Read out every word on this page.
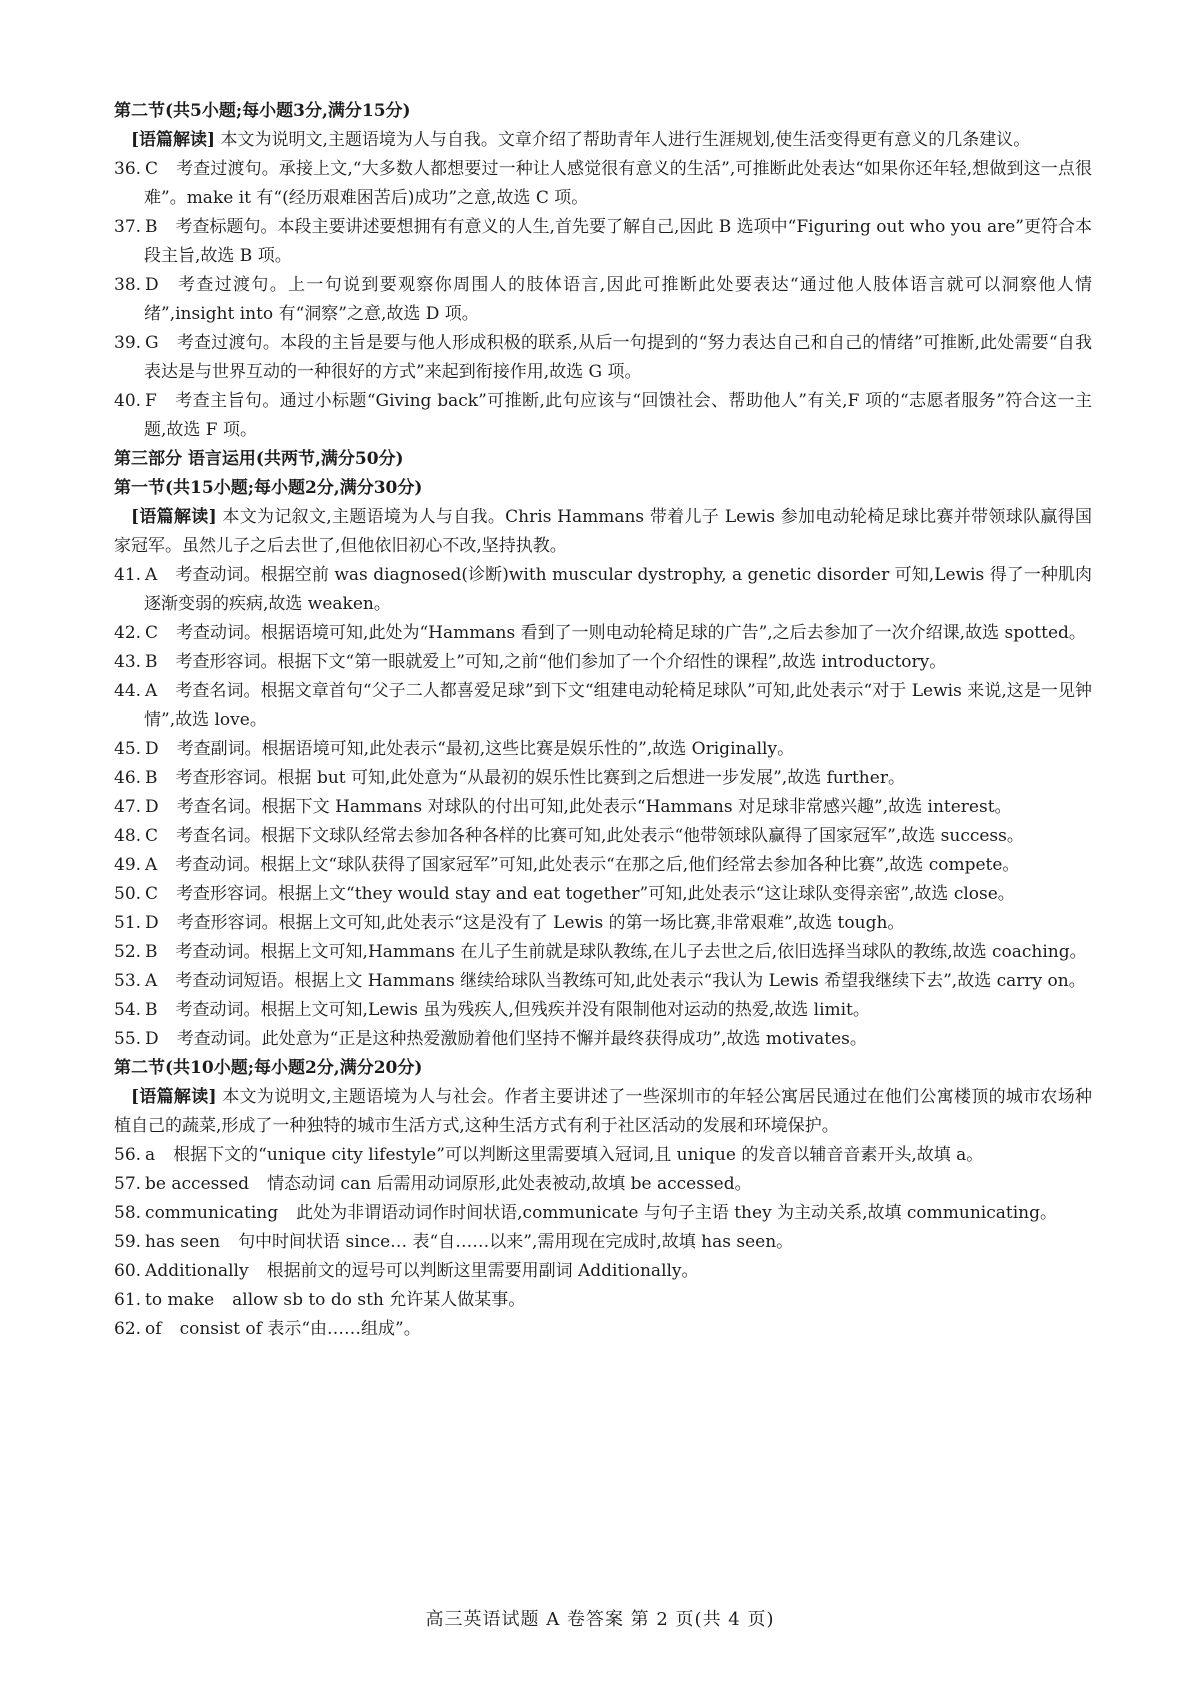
第二节(共5小题;每小题3分,满分15分)
[语篇解读] 本文为说明文,主题语境为人与自我。文章介绍了帮助青年人进行生涯规划,使生活变得更有意义的几条建议。
36. C 考查过渡句。承接上文,“大多数人都想要过一种让人感觉很有意义的生活”,可推断此处表达“如果你还年轻,想做到这一点很难”。make it 有“(经历艰难困苦后)成功”之意,故选 C 项。
37. B 考查标题句。本段主要讲述要想拥有有意义的人生,首先要了解自己,因此 B 选项中“Figuring out who you are”更符合本段主旨,故选 B 项。
38. D 考查过渡句。上一句说到要观察你周围人的肢体语言,因此可推断此处要表达“通过他人肢体语言就可以洞察他人情绪”,insight into 有“洞察”之意,故选 D 项。
39. G 考查过渡句。本段的主旨是要与他人形成积极的联系,从后一句提到的“努力表达自己和自己的情绪”可推断,此处需要“自我表达是与世界互动的一种很好的方式”来起到衔接作用,故选 G 项。
40. F 考查主旨句。通过小标题“Giving back”可推断,此句应该与“回馈社会、帮助他人”有关,F 项的“志愿者服务”符合这一主题,故选 F 项。
第三部分 语言运用(共两节,满分50分)
第一节(共15小题;每小题2分,满分30分)
[语篇解读] 本文为记叙文,主题语境为人与自我。Chris Hammans 带着儿子 Lewis 参加电动轮椅足球比赛并带领球队赢得国家冠军。虽然儿子之后去世了,但他依旧初心不改,坚持执教。
41. A 考查动词。根据空前 was diagnosed(诊断)with muscular dystrophy, a genetic disorder 可知,Lewis 得了一种肌肉逐渐变弱的疾病,故选 weaken。
42. C 考查动词。根据语境可知,此处为“Hammans 看到了一则电动轮椅足球的广告”,之后去参加了一次介绍课,故选 spotted。
43. B 考查形容词。根据下文“第一眼就爱上”可知,之前“他们参加了一个介绍性的课程”,故选 introductory。
44. A 考查名词。根据文章首句“父子二人都喜爱足球”到下文“组建电动轮椅足球队”可知,此处表示“对于 Lewis 来说,这是一见钟情”,故选 love。
45. D 考查副词。根据语境可知,此处表示“最初,这些比赛是娱乐性的”,故选 Originally。
46. B 考查形容词。根据 but 可知,此处意为“从最初的娱乐性比赛到之后想进一步发展”,故选 further。
47. D 考查名词。根据下文 Hammans 对球队的付出可知,此处表示“Hammans 对足球非常感兴趣”,故选 interest。
48. C 考查名词。根据下文球队经常去参加各种各样的比赛可知,此处表示“他带领球队赢得了国家冠军”,故选 success。
49. A 考查动词。根据上文“球队获得了国家冠军”可知,此处表示“在那之后,他们经常去参加各种比赛”,故选 compete。
50. C 考查形容词。根据上文“they would stay and eat together”可知,此处表示“这让球队变得亲密”,故选 close。
51. D 考查形容词。根据上文可知,此处表示“这是没有了 Lewis 的第一场比赛,非常艰难”,故选 tough。
52. B 考查动词。根据上文可知,Hammans 在儿子生前就是球队教练,在儿子去世之后,依旧选择当球队的教练,故选 coaching。
53. A 考查动词短语。根据上文 Hammans 继续给球队当教练可知,此处表示“我认为 Lewis 希望我继续下去”,故选 carry on。
54. B 考查动词。根据上文可知,Lewis 虽为残疾人,但残疾并没有限制他对运动的热爱,故选 limit。
55. D 考查动词。此处意为“正是这种热爱激励着他们坚持不懈并最终获得成功”,故选 motivates。
第二节(共10小题;每小题2分,满分20分)
[语篇解读] 本文为说明文,主题语境为人与社会。作者主要讲述了一些深圳市的年轻公寓居民通过在他们公寓楼顶的城市农场种植自己的蔬菜,形成了一种独特的城市生活方式,这种生活方式有利于社区活动的发展和环境保护。
56. a 根据下文的“unique city lifestyle”可以判断这里需要填入冠词,且 unique 的发音以辅音音素开头,故填 a。
57. be accessed 情态动词 can 后需用动词原形,此处表被动,故填 be accessed。
58. communicating 此处为非谓语动词作时间状语,communicate 与句子主语 they 为主动关系,故填 communicating。
59. has seen 句中时间状语 since… 表“自……以来”,需用现在完成时,故填 has seen。
60. Additionally 根据前文的逗号可以判断这里需要用副词 Additionally。
61. to make allow sb to do sth 允许某人做某事。
62. of consist of 表示“由……组成”。
高三英语试题 A 卷答案 第 2 页(共 4 页)
